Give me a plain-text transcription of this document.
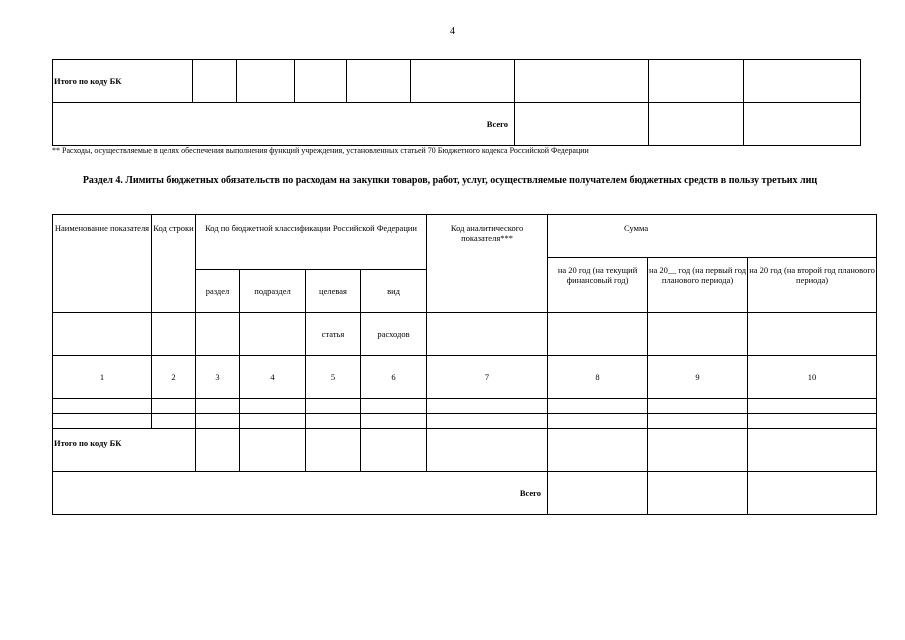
4
Итого по коду БК								
Всего								
** Расходы, осуществляемые в целях обеспечения выполнения функций учреждения, установленных статьей 70 Бюджетного кодекса Российской Федерации
Раздел 4. Лимиты бюджетных обязательств по расходам на закупки товаров, работ, услуг, осуществляемые получателем бюджетных средств в пользу третьих лиц
Наименование показателя	Код строки	Код по бюджетной классификации Российской Федерации				Код аналитического показателя***	Сумма		
							на 20 год (на текущий финансовый год)	на 20__ год (на первый год планового периода)	на 20 год (на второй год планового периода)
		раздел	подраздел	целевая	вид				
				статья	расходов				
1	2	3	4	5	6	7	8	9	10

Итого по коду БК									
Всего									
